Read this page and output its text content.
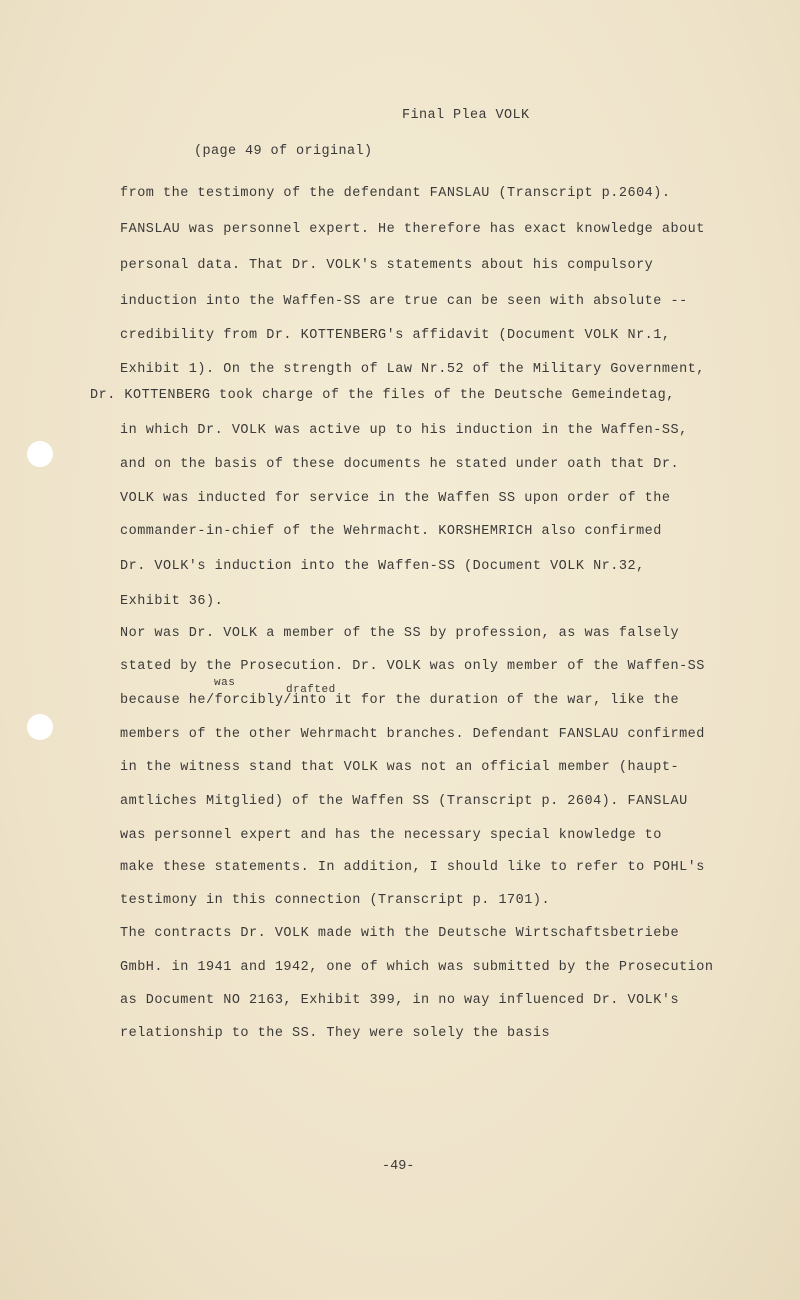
Final Plea VOLK
(page 49 of original)
from the testimony of the defendant FANSLAU (Transcript p.2604).
FANSLAU was personnel expert. He therefore has exact knowledge about
personal data. That Dr. VOLK's statements about his compulsory
induction into the Waffen-SS are true can be seen with absolute --
credibility from Dr. KOTTENBERG's affidavit (Document VOLK Nr.1,
Exhibit 1). On the strength of Law Nr.52 of the Military Government,
Dr. KOTTENBERG took charge of the files of the Deutsche Gemeindetag,
in which Dr. VOLK was active up to his induction in the Waffen-SS,
and on the basis of these documents he stated under oath that Dr.
VOLK was inducted for service in the Waffen SS upon order of the
commander-in-chief of the Wehrmacht. KORSHEMRICH also confirmed
Dr. VOLK's induction into the Waffen-SS (Document VOLK Nr.32,
Exhibit 36).
Nor was Dr. VOLK a member of the SS by profession, as was falsely
stated by the Prosecution. Dr. VOLK was only member of the Waffen-SS
was
drafted
because he/forcibly/into it for the duration of the war, like the
members of the other Wehrmacht branches. Defendant FANSLAU confirmed
in the witness stand that VOLK was not an official member (haupt-
amtliches Mitglied) of the Waffen SS (Transcript p. 2604). FANSLAU
was personnel expert and has the necessary special knowledge to
make these statements. In addition, I should like to refer to POHL's
testimony in this connection (Transcript p. 1701).
The contracts Dr. VOLK made with the Deutsche Wirtschaftsbetriebe
GmbH. in 1941 and 1942, one of which was submitted by the Prosecution
as Document NO 2163, Exhibit 399, in no way influenced Dr. VOLK's
relationship to the SS. They were solely the basis
-49-
